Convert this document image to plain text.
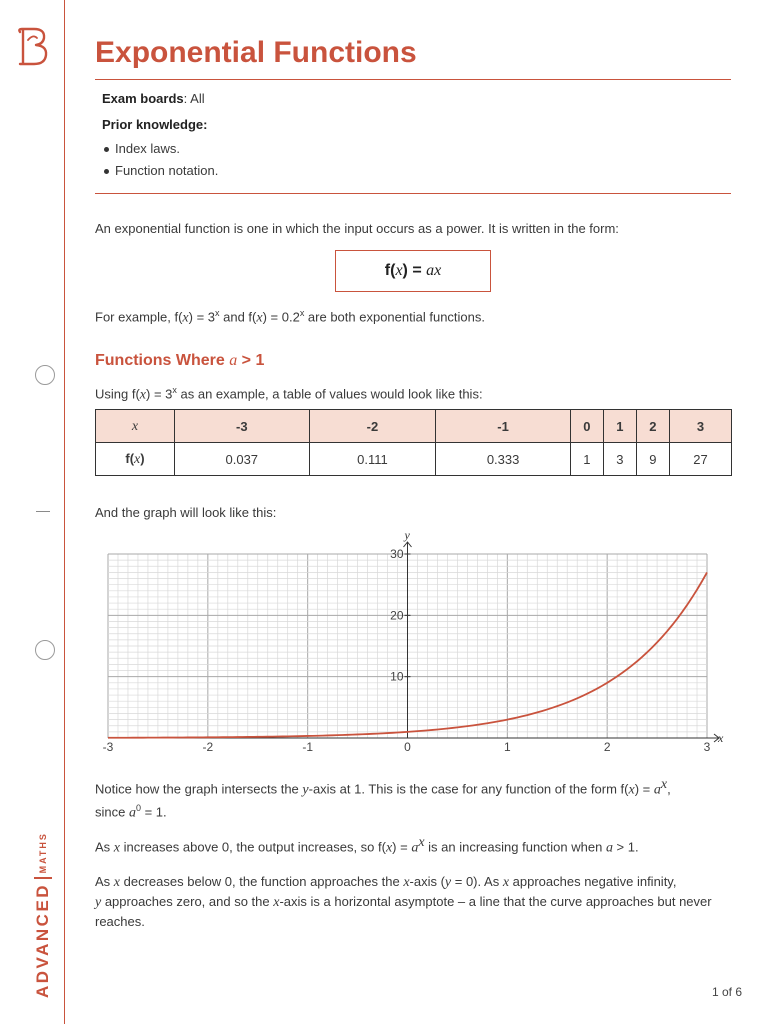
ADVANCED
MATHS
Exponential Functions
Exam boards: All
Prior knowledge:
Index laws.
Function notation.
An exponential function is one in which the input occurs as a power. It is written in the form:
f( x ) = a x
For example, $f(x) = 3^x$ and $f(x) = 0.2^x$ are both exponential functions.
Functions Where a > 1
Using $f(x) = 3^x$ as an example, a table of values would look like this:
x	-3	-2	-1	0	1	2	3
f(x)	0.037	0.111	0.333	1	3	9	27
And the graph will look like this:
Notice how the graph intersects the y-axis at 1. This is the case for any function of the form $f(x) = a^x$,
since $a^0 = 1$.
As x increases above 0, the output increases, so $f(x) = a^x$ is an increasing function when a > 1.
As x decreases below 0, the function approaches the x-axis (y = 0). As x approaches negative infinity,
y approaches zero, and so the x-axis is a horizontal asymptote – a line that the curve approaches but never reaches.
y
x
-3	-2	-1	0	1	2	3
10
20
30
1 of 6
